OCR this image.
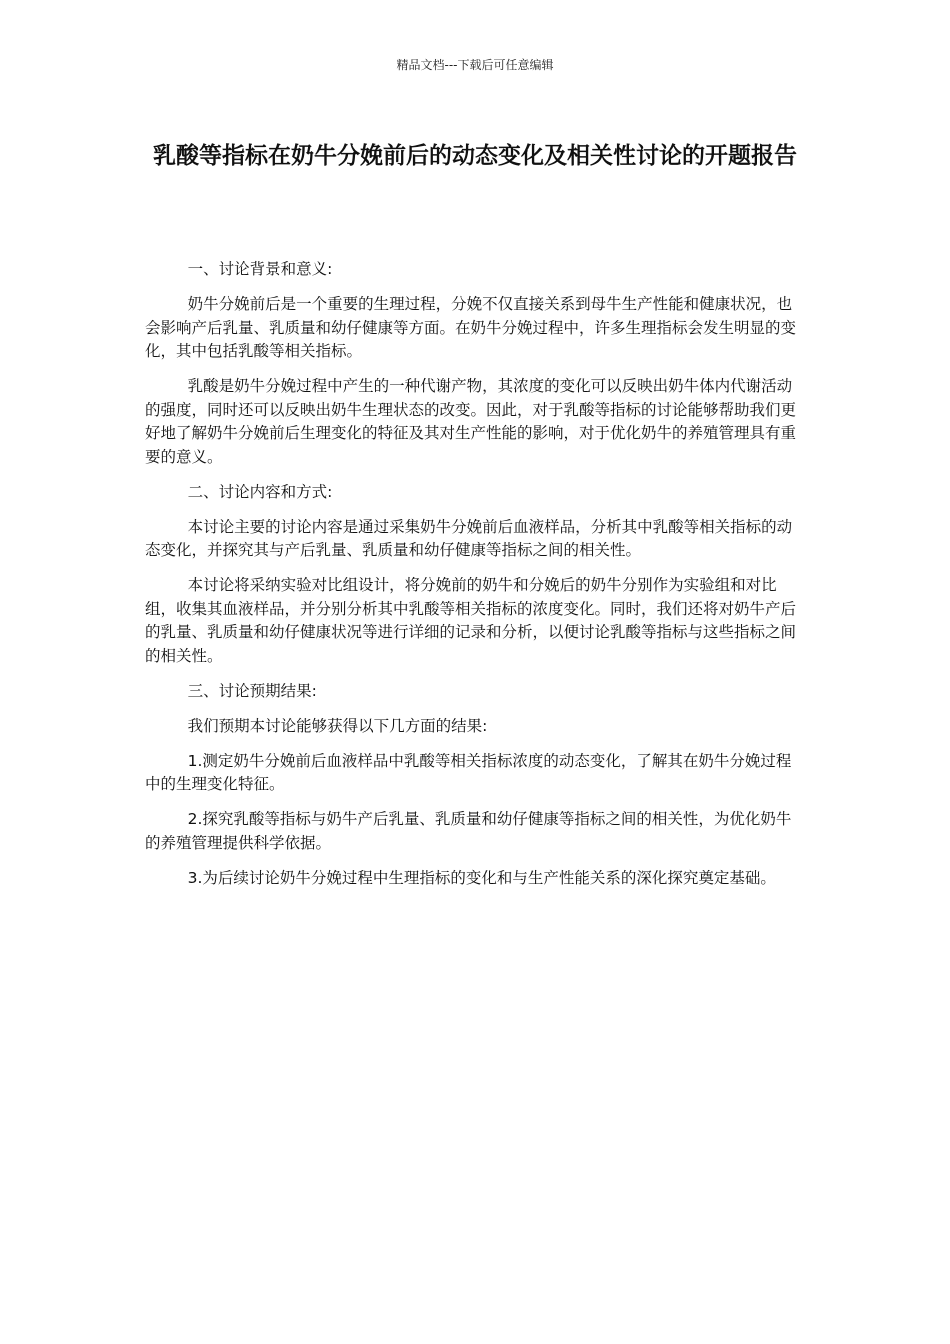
精品文档---下载后可任意编辑
乳酸等指标在奶牛分娩前后的动态变化及相关性讨论的开题报告

一、讨论背景和意义:

奶牛分娩前后是一个重要的生理过程，分娩不仅直接关系到母牛生产性能和健康状况，也会影响产后乳量、乳质量和幼仔健康等方面。在奶牛分娩过程中，许多生理指标会发生明显的变化，其中包括乳酸等相关指标。

乳酸是奶牛分娩过程中产生的一种代谢产物，其浓度的变化可以反映出奶牛体内代谢活动的强度，同时还可以反映出奶牛生理状态的改变。因此，对于乳酸等指标的讨论能够帮助我们更好地了解奶牛分娩前后生理变化的特征及其对生产性能的影响，对于优化奶牛的养殖管理具有重要的意义。

二、讨论内容和方式:

本讨论主要的讨论内容是通过采集奶牛分娩前后血液样品，分析其中乳酸等相关指标的动态变化，并探究其与产后乳量、乳质量和幼仔健康等指标之间的相关性。

本讨论将采纳实验对比组设计，将分娩前的奶牛和分娩后的奶牛分别作为实验组和对比组，收集其血液样品，并分别分析其中乳酸等相关指标的浓度变化。同时，我们还将对奶牛产后的乳量、乳质量和幼仔健康状况等进行详细的记录和分析，以便讨论乳酸等指标与这些指标之间的相关性。

三、讨论预期结果:

我们预期本讨论能够获得以下几方面的结果:

1.测定奶牛分娩前后血液样品中乳酸等相关指标浓度的动态变化，了解其在奶牛分娩过程中的生理变化特征。

2.探究乳酸等指标与奶牛产后乳量、乳质量和幼仔健康等指标之间的相关性，为优化奶牛的养殖管理提供科学依据。

3.为后续讨论奶牛分娩过程中生理指标的变化和与生产性能关系的深化探究奠定基础。
